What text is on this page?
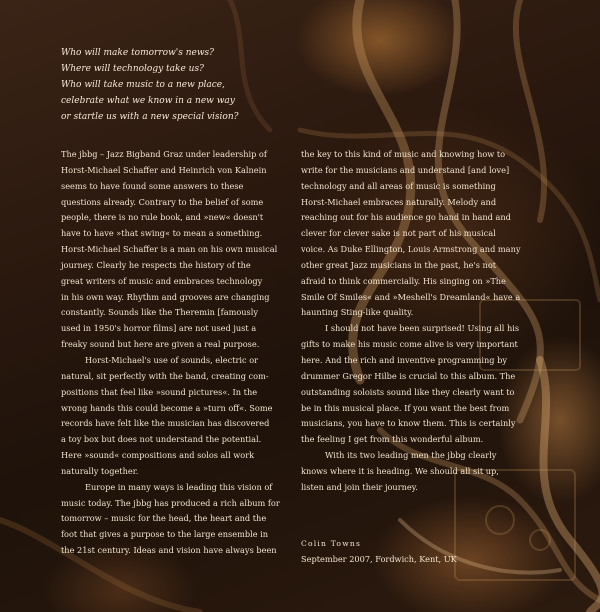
Who will make tomorrow's news?
Where will technology take us?
Who will take music to a new place,
celebrate what we know in a new way
or startle us with a new special vision?
The jbbg – Jazz Bigband Graz under leadership of
Horst-Michael Schaffer and Heinrich von Kalnein
seems to have found some answers to these
questions already. Contrary to the belief of some
people, there is no rule book, and »new« doesn't
have to have »that swing« to mean a something.
Horst-Michael Schaffer is a man on his own musical
journey. Clearly he respects the history of the
great writers of music and embraces technology
in his own way. Rhythm and grooves are changing
constantly. Sounds like the Theremin [famously
used in 1950's horror films] are not used just a
freaky sound but here are given a real purpose.
Horst-Michael's use of sounds, electric or
natural, sit perfectly with the band, creating com-
positions that feel like »sound pictures«. In the
wrong hands this could become a »turn off«. Some
records have felt like the musician has discovered
a toy box but does not understand the potential.
Here »sound« compositions and solos all work
naturally together.
Europe in many ways is leading this vision of
music today. The jbbg has produced a rich album for
tomorrow – music for the head, the heart and the
foot that gives a purpose to the large ensemble in
the 21st century. Ideas and vision have always been
the key to this kind of music and knowing how to
write for the musicians and understand [and love]
technology and all areas of music is something
Horst-Michael embraces naturally. Melody and
reaching out for his audience go hand in hand and
clever for clever sake is not part of his musical
voice. As Duke Ellington, Louis Armstrong and many
other great Jazz musicians in the past, he's not
afraid to think commercially. His singing on »The
Smile Of Smiles« and »Meshell's Dreamland« have a
haunting Sting-like quality.
I should not have been surprised! Using all his
gifts to make his music come alive is very important
here. And the rich and inventive programming by
drummer Gregor Hilbe is crucial to this album. The
outstanding soloists sound like they clearly want to
be in this musical place. If you want the best from
musicians, you have to know them. This is certainly
the feeling I get from this wonderful album.
With its two leading men the jbbg clearly
knows where it is heading. We should all sit up,
listen and join their journey.
Colin Towns
September 2007, Fordwich, Kent, UK
